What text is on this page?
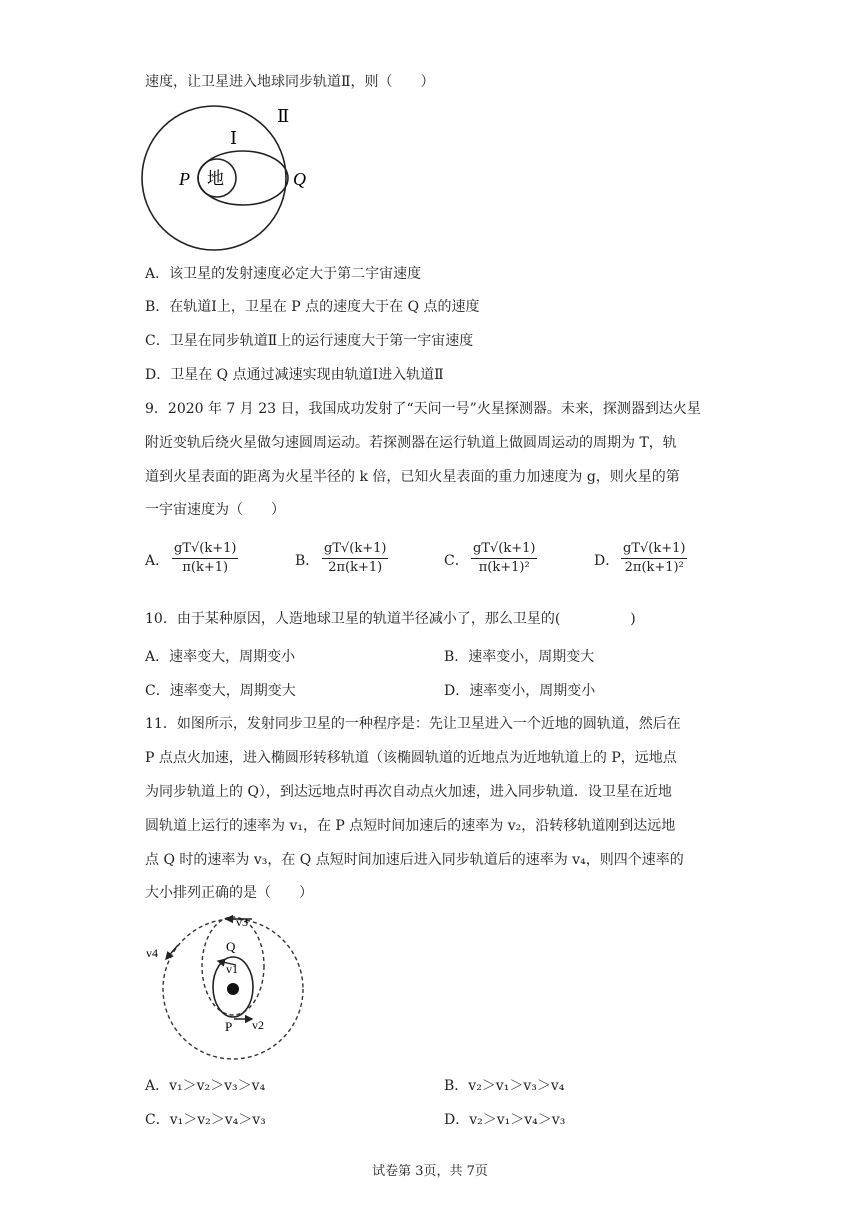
速度，让卫星进入地球同步轨道Ⅱ，则（　　）
Ⅱ
Ⅰ
地
P	Q
A．该卫星的发射速度必定大于第二宇宙速度
B．在轨道Ⅰ上，卫星在 P 点的速度大于在 Q 点的速度
C．卫星在同步轨道Ⅱ上的运行速度大于第一宇宙速度
D．卫星在 Q 点通过减速实现由轨道Ⅰ进入轨道Ⅱ
9．2020 年 7 月 23 日，我国成功发射了“天问一号”火星探测器。未来，探测器到达火星
附近变轨后绕火星做匀速圆周运动。若探测器在运行轨道上做圆周运动的周期为 T，轨
道到火星表面的距离为火星半径的 k 倍，已知火星表面的重力加速度为 g，则火星的第
一宇宙速度为（　　）
A． $\frac{gT√(k+1)}{\pi(k+1)}$	B． $\frac{gT√(k+1)}{2\pi(k+1)}$	C． $\frac{gT√(k+1)}{\text{π(k+1)²}}$	D． $\frac{gT√(k+1)}{\text{2π(k+1)²}}$
10．由于某种原因，人造地球卫星的轨道半径减小了，那么卫星的(　　　　　)
A．速率变大，周期变小	B．速率变小，周期变大
C．速率变大，周期变大	D．速率变小，周期变小
11．如图所示，发射同步卫星的一种程序是：先让卫星进入一个近地的圆轨道，然后在
P 点点火加速，进入椭圆形转移轨道（该椭圆轨道的近地点为近地轨道上的 P，远地点
为同步轨道上的 Q），到达远地点时再次自动点火加速，进入同步轨道．设卫星在近地
圆轨道上运行的速率为 v₁，在 P 点短时间加速后的速率为 v₂，沿转移轨道刚到达远地
点 Q 时的速率为 v₃，在 Q 点短时间加速后进入同步轨道后的速率为 v₄，则四个速率的
大小排列正确的是（　　）
v3
v4	Q
v1
P v2
A．v₁＞v₂＞v₃＞v₄	B．v₂＞v₁＞v₃＞v₄
C．v₁＞v₂＞v₄＞v₃	D．v₂＞v₁＞v₄＞v₃
试卷第 3页，共 7页
